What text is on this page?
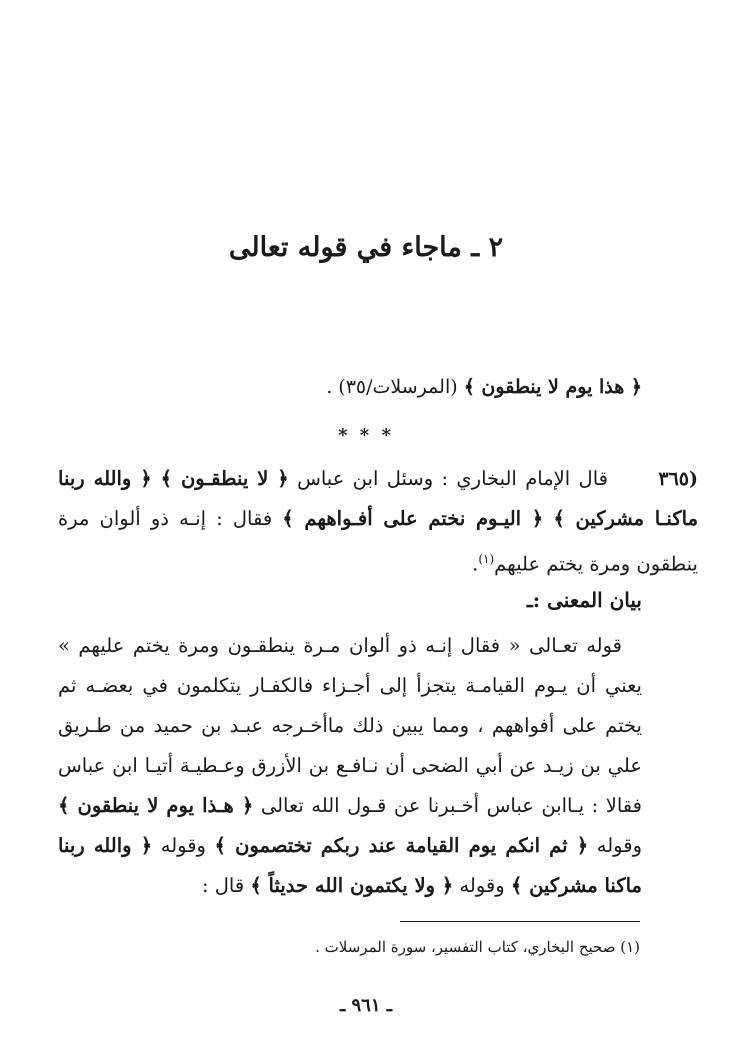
٢ ـ ماجاء في قوله تعالى
﴿ هذا يوم لا ينطقون ﴾ (المرسلات/٣٥) .
* * *
(٣٦٥
قال الإمام البخاري : وسئل ابن عباس ﴿ لا ينطقـون ﴾ ﴿ والله ربنا ماكنـا مشركين ﴾ ﴿ اليـوم نختم على أفـواههم ﴾ فقال : إنـه ذو ألوان مرة ينطقون ومرة يختم عليهم$^{(١)}$.
بيان المعنى :ـ
قوله تعـالى « فقال إنـه ذو ألوان مـرة ينطقـون ومرة يختم عليهم » يعني أن يـوم القيامـة يتجزأ إلى أجـزاء فالكفـار يتكلمون في بعضـه ثم يختم على أفواههم ، ومما يبين ذلك ماأخـرجه عبـد بن حميد من طـريق علي بن زيـد عن أبي الضحى أن نـافـع بن الأزرق وعـطيـة أتيـا ابن عباس فقالا : يـاابن عباس أخـبرنا عن قـول الله تعالى ﴿ هـذا يوم لا ينطقون ﴾ وقوله ﴿ ثم انكم يوم القيامة عند ربكم تختصمون ﴾ وقوله ﴿ والله ربنا ماكنا مشركين ﴾ وقوله ﴿ ولا يكتمون الله حديثاً ﴾ قال :
(١) صحيح البخاري، كتاب التفسير، سورة المرسلات .
ـ ٩٦١ ـ
